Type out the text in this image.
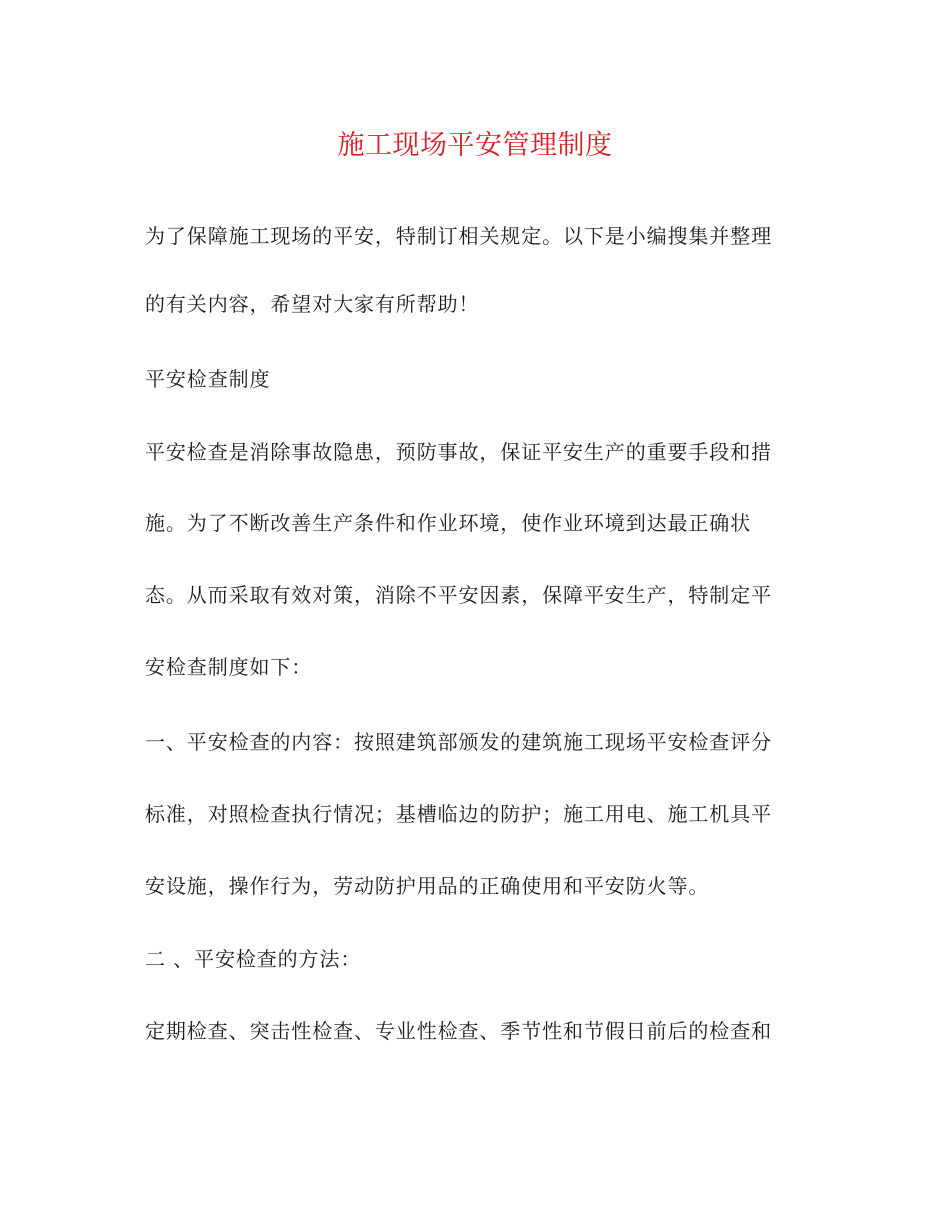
施工现场平安管理制度
为了保障施工现场的平安，特制订相关规定。以下是小编搜集并整理
的有关内容，希望对大家有所帮助！
平安检查制度
平安检查是消除事故隐患，预防事故，保证平安生产的重要手段和措
施。为了不断改善生产条件和作业环境，使作业环境到达最正确状
态。从而采取有效对策，消除不平安因素，保障平安生产，特制定平
安检查制度如下：
一、平安检查的内容：按照建筑部颁发的建筑施工现场平安检查评分
标准，对照检查执行情况；基槽临边的防护；施工用电、施工机具平
安设施，操作行为，劳动防护用品的正确使用和平安防火等。
二 、平安检查的方法：
定期检查、突击性检查、专业性检查、季节性和节假日前后的检查和
